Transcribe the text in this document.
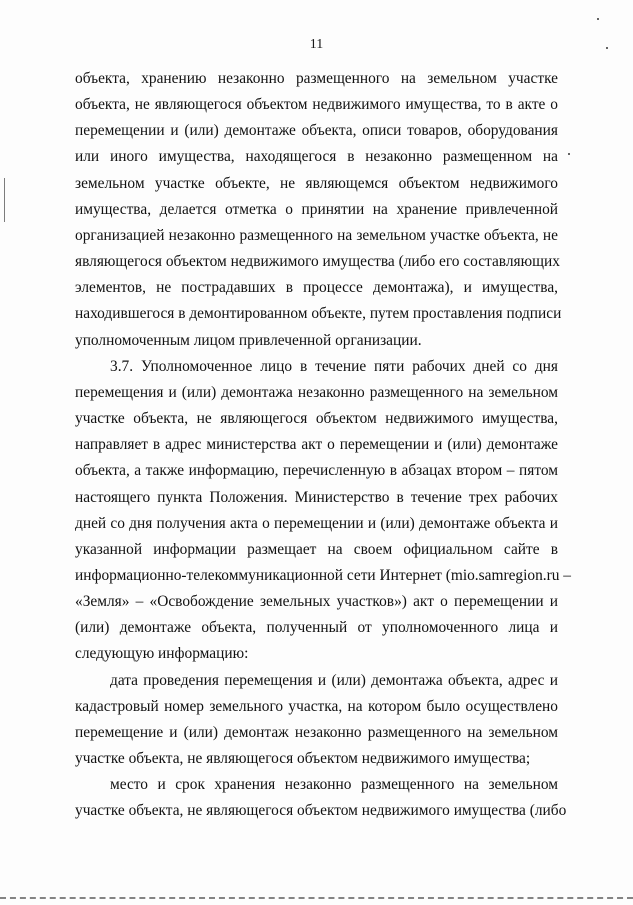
11
объекта, хранению незаконно размещенного на земельном участке
объекта, не являющегося объектом недвижимого имущества, то в акте о
перемещении и (или) демонтаже объекта, описи товаров, оборудования
или иного имущества, находящегося в незаконно размещенном на
земельном участке объекте, не являющемся объектом недвижимого
имущества, делается отметка о принятии на хранение привлеченной
организацией незаконно размещенного на земельном участке объекта, не
являющегося объектом недвижимого имущества (либо его составляющих
элементов, не пострадавших в процессе демонтажа), и имущества,
находившегося в демонтированном объекте, путем проставления подписи
уполномоченным лицом привлеченной организации.
3.7. Уполномоченное лицо в течение пяти рабочих дней со дня
перемещения и (или) демонтажа незаконно размещенного на земельном
участке объекта, не являющегося объектом недвижимого имущества,
направляет в адрес министерства акт о перемещении и (или) демонтаже
объекта, а также информацию, перечисленную в абзацах втором – пятом
настоящего пункта Положения. Министерство в течение трех рабочих
дней со дня получения акта о перемещении и (или) демонтаже объекта и
указанной информации размещает на своем официальном сайте в
информационно-телекоммуникационной сети Интернет (mio.samregion.ru –
«Земля» – «Освобождение земельных участков») акт о перемещении и
(или) демонтаже объекта, полученный от уполномоченного лица и
следующую информацию:
дата проведения перемещения и (или) демонтажа объекта, адрес и
кадастровый номер земельного участка, на котором было осуществлено
перемещение и (или) демонтаж незаконно размещенного на земельном
участке объекта, не являющегося объектом недвижимого имущества;
место и срок хранения незаконно размещенного на земельном
участке объекта, не являющегося объектом недвижимого имущества (либо
